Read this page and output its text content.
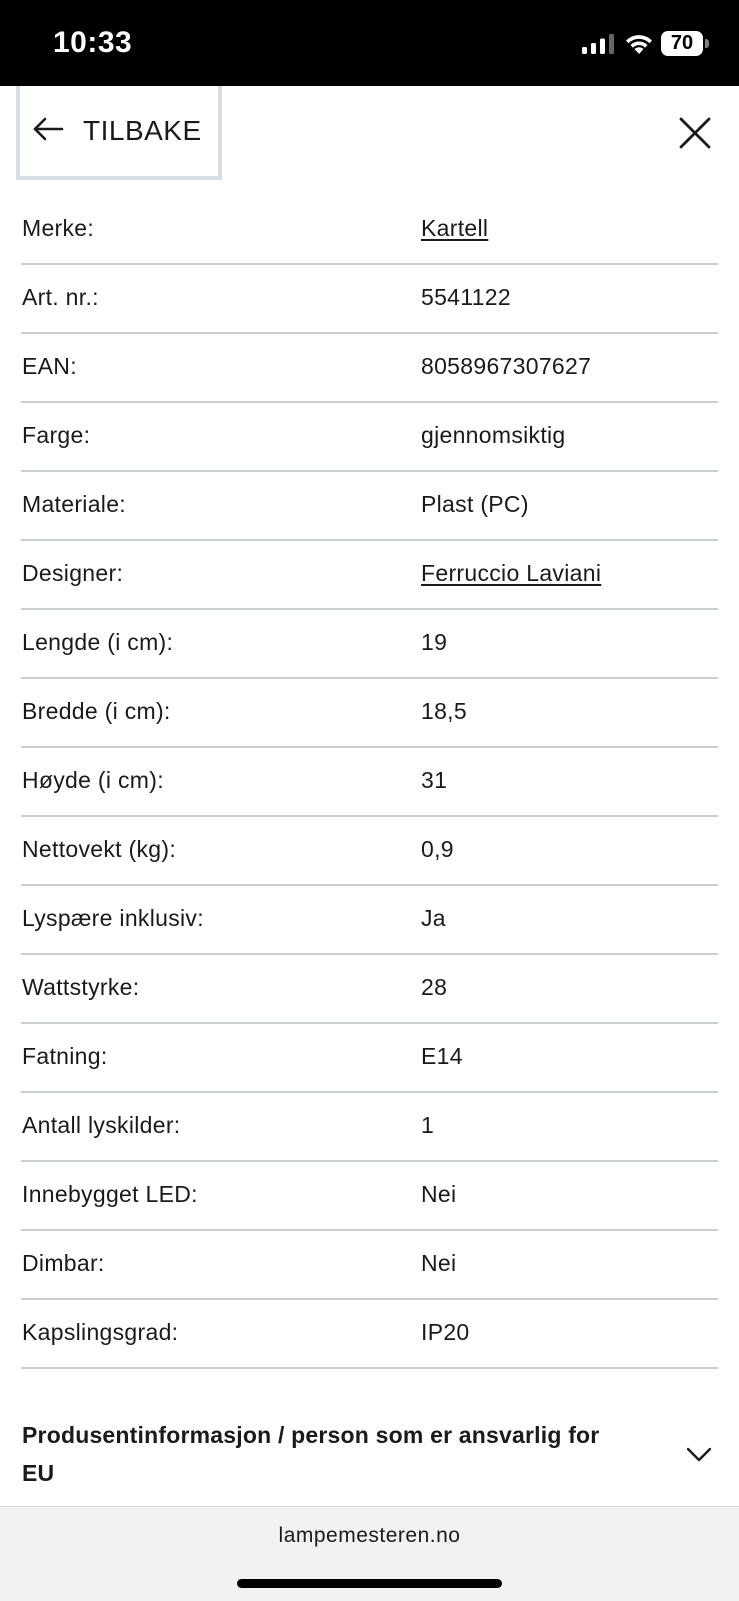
10:33	70
TILBAKE
Merke:	Kartell
Art. nr.:	5541122
EAN:	8058967307627
Farge:	gjennomsiktig
Materiale:	Plast (PC)
Designer:	Ferruccio Laviani
Lengde (i cm):	19
Bredde (i cm):	18,5
Høyde (i cm):	31
Nettovekt (kg):	0,9
Lyspære inklusiv:	Ja
Wattstyrke:	28
Fatning:	E14
Antall lyskilder:	1
Innebygget LED:	Nei
Dimbar:	Nei
Kapslingsgrad:	IP20
Produsentinformasjon / person som er ansvarlig for EU
lampemesteren.no
